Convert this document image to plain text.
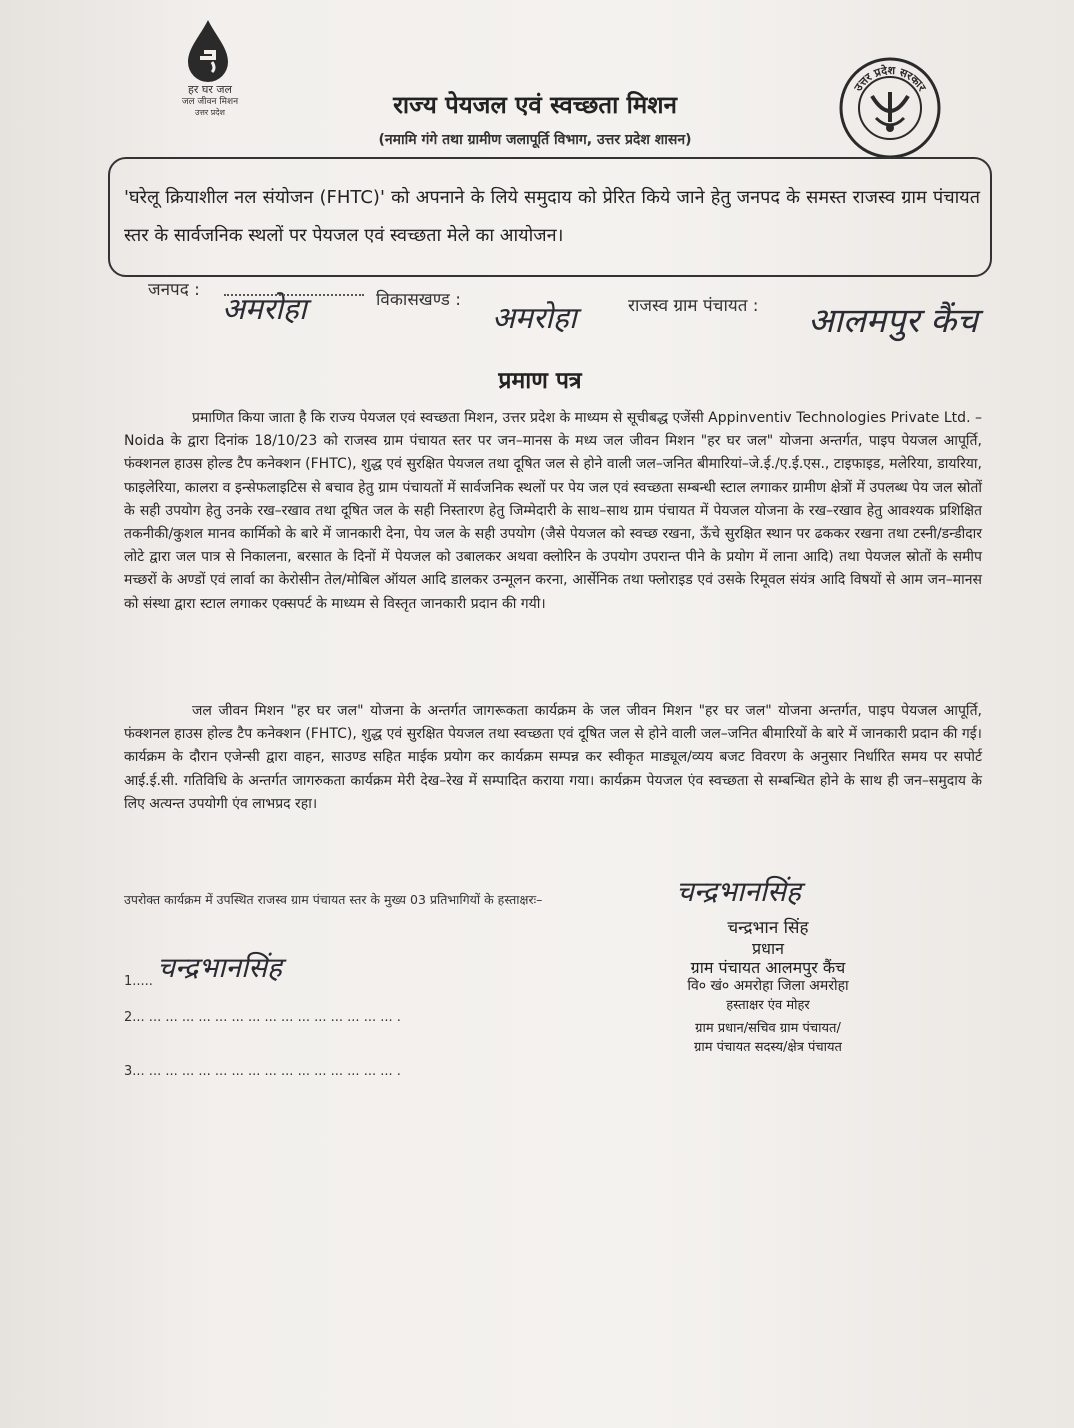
हर घर जल
जल जीवन मिशन
उत्तर प्रदेश	राज्य पेयजल एवं स्वच्छता मिशन
(नमामि गंगे तथा ग्रामीण जलापूर्ति विभाग, उत्तर प्रदेश शासन)
उत्तर प्रदेश सरकार
'घरेलू क्रियाशील नल संयोजन (FHTC)' को अपनाने के लिये समुदाय को प्रेरित किये जाने हेतु जनपद के समस्त राजस्व ग्राम पंचायत स्तर के सार्वजनिक स्थलों पर पेयजल एवं स्वच्छता मेले का आयोजन।
जनपद :
अमरोहा	विकासखण्ड :
अमरोहा	राजस्व ग्राम पंचायत : आलमपुर कैंच
प्रमाण पत्र

प्रमाणित किया जाता है कि राज्य पेयजल एवं स्वच्छता मिशन, उत्तर प्रदेश के माध्यम से सूचीबद्ध एजेंसी Appinventiv Technologies Private Ltd. – Noida के द्वारा दिनांक 18/10/23 को राजस्व ग्राम पंचायत स्तर पर जन–मानस के मध्य जल जीवन मिशन "हर घर जल" योजना अन्तर्गत, पाइप पेयजल आपूर्ति, फंक्शनल हाउस होल्ड टैप कनेक्शन (FHTC), शुद्ध एवं सुरक्षित पेयजल तथा दूषित जल से होने वाली जल–जनित बीमारियां–जे.ई./ए.ई.एस., टाइफाइड, मलेरिया, डायरिया, फाइलेरिया, कालरा व इन्सेफलाइटिस से बचाव हेतु ग्राम पंचायतों में सार्वजनिक स्थलों पर पेय जल एवं स्वच्छता सम्बन्धी स्टाल लगाकर ग्रामीण क्षेत्रों में उपलब्ध पेय जल स्रोतों के सही उपयोग हेतु उनके रख–रखाव तथा दूषित जल के सही निस्तारण हेतु जिम्मेदारी के साथ–साथ ग्राम पंचायत में पेयजल योजना के रख–रखाव हेतु आवश्यक प्रशिक्षित तकनीकी/कुशल मानव कार्मिको के बारे में जानकारी देना, पेय जल के सही उपयोग (जैसे पेयजल को स्वच्छ रखना, ऊँचे सुरक्षित स्थान पर ढककर रखना तथा टस्नी/डन्डीदार लोटे द्वारा जल पात्र से निकालना, बरसात के दिनों में पेयजल को उबालकर अथवा क्लोरिन के उपयोग उपरान्त पीने के प्रयोग में लाना आदि) तथा पेयजल स्रोतों के समीप मच्छरों के अण्डों एवं लार्वा का केरोसीन तेल/मोबिल ऑयल आदि डालकर उन्मूलन करना, आर्सेनिक तथा फ्लोराइड एवं उसके रिमूवल संयंत्र आदि विषयों से आम जन–मानस को संस्था द्वारा स्टाल लगाकर एक्सपर्ट के माध्यम से विस्तृत जानकारी प्रदान की गयी।

जल जीवन मिशन "हर घर जल" योजना के अन्तर्गत जागरूकता कार्यक्रम के जल जीवन मिशन "हर घर जल" योजना अन्तर्गत, पाइप पेयजल आपूर्ति, फंक्शनल हाउस होल्ड टैप कनेक्शन (FHTC), शुद्ध एवं सुरक्षित पेयजल तथा स्वच्छता एवं दूषित जल से होने वाली जल–जनित बीमारियों के बारे में जानकारी प्रदान की गई। कार्यक्रम के दौरान एजेन्सी द्वारा वाहन, साउण्ड सहित माईक प्रयोग कर कार्यक्रम सम्पन्न कर स्वीकृत माड्यूल/व्यय बजट विवरण के अनुसार निर्धारित समय पर सपोर्ट आई.ई.सी. गतिविधि के अन्तर्गत जागरुकता कार्यक्रम मेरी देख–रेख में सम्पादित कराया गया। कार्यक्रम पेयजल एंव स्वच्छता से सम्बन्धित होने के साथ ही जन–समुदाय के लिए अत्यन्त उपयोगी एंव लाभप्रद रहा।

उपरोक्त कार्यक्रम में उपस्थित राजस्व ग्राम पंचायत स्तर के मुख्य 03 प्रतिभागियों के हस्ताक्षरः–
1..... चन्द्रभानसिंह
2... ... ... ... ... ... ... ... ... ... ... ... ... ... ... ... .
3... ... ... ... ... ... ... ... ... ... ... ... ... ... ... ... .
चन्द्रभानसिंह
चन्द्रभान सिंह
प्रधान
ग्राम पंचायत आलमपुर कैंच
वि० खं० अमरोहा जिला अमरोहा
हस्ताक्षर एंव मोहर
ग्राम प्रधान/सचिव ग्राम पंचायत/
ग्राम पंचायत सदस्य/क्षेत्र पंचायत
